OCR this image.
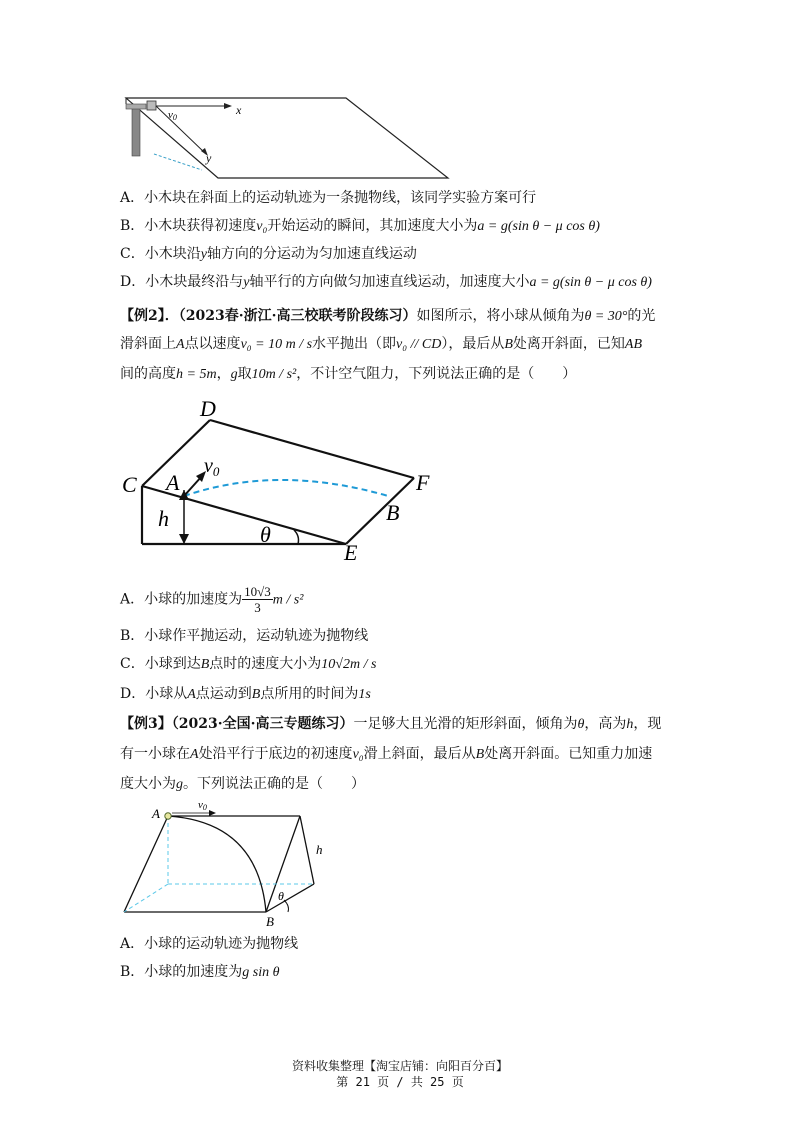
v0
x
y
A．小木块在斜面上的运动轨迹为一条抛物线，该同学实验方案可行
B．小木块获得初速度v₀开始运动的瞬间，其加速度大小为a = g(sin θ − μ cos θ)
C．小木块沿y轴方向的分运动为匀加速直线运动
D．小木块最终沿与y轴平行的方向做匀加速直线运动，加速度大小a = g(sin θ − μ cos θ)
【例2】．（2023春·浙江·高三校联考阶段练习）如图所示，将小球从倾角为θ = 30°的光
滑斜面上A点以速度v₀ = 10 m / s水平抛出（即v₀ // CD），最后从B处离开斜面，已知AB
间的高度h = 5m，g取10m / s²，不计空气阻力，下列说法正确的是（　　）
D
C A
$v_0$	F
B
h
θ
E
A．小球的加速度为 $\frac{10√3}{3}$ m / s²
B．小球作平抛运动，运动轨迹为抛物线
C．小球到达B点时的速度大小为10√2m / s
D．小球从A点运动到B点所用的时间为1s
【例3】（2023·全国·高三专题练习）一足够大且光滑的矩形斜面，倾角为θ，高为h，现
有一小球在A处沿平行于底边的初速度v₀滑上斜面，最后从B处离开斜面。已知重力加速
度大小为g。下列说法正确的是（　　）
A
v0
h
θ
B
A．小球的运动轨迹为抛物线
B．小球的加速度为g sin θ
资料收集整理【淘宝店铺：向阳百分百】
第 21 页 / 共 25 页
